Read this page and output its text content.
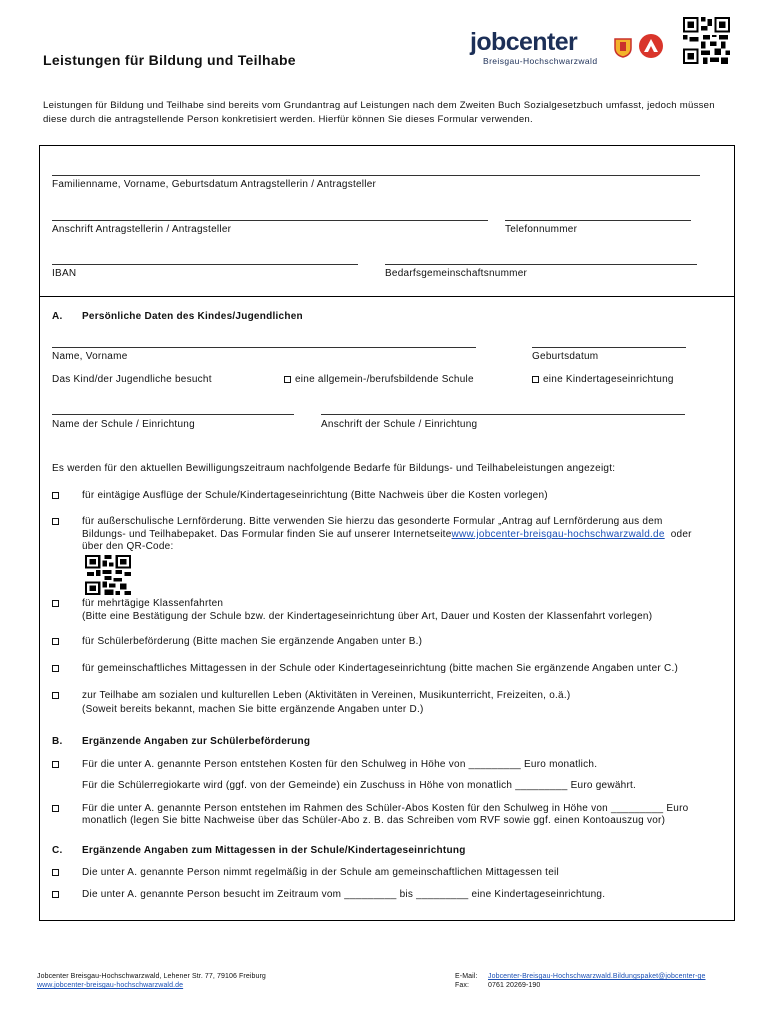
Leistungen für Bildung und Teilhabe
jobcenter
Breisgau-Hochschwarzwald
Leistungen für Bildung und Teilhabe sind bereits vom Grundantrag auf Leistungen nach dem Zweiten Buch Sozialgesetzbuch umfasst, jedoch müssen diese durch die antragstellende Person konkretisiert werden. Hierfür können Sie dieses Formular verwenden.
Familienname, Vorname, Geburtsdatum Antragstellerin / Antragsteller
Anschrift Antragstellerin / Antragsteller	Telefonnummer
IBAN	Bedarfsgemeinschaftsnummer
A. Persönliche Daten des Kindes/Jugendlichen
Name, Vorname	Geburtsdatum
Das Kind/der Jugendliche besucht	eine allgemein-/berufsbildende Schule	eine Kindertageseinrichtung
Name der Schule / Einrichtung	Anschrift der Schule / Einrichtung
Es werden für den aktuellen Bewilligungszeitraum nachfolgende Bedarfe für Bildungs- und Teilhabeleistungen angezeigt:
für eintägige Ausflüge der Schule/Kindertageseinrichtung (Bitte Nachweis über die Kosten vorlegen)
für außerschulische Lernförderung. Bitte verwenden Sie hierzu das gesonderte Formular „Antrag auf Lernförderung aus dem
Bildungs- und Teilhabepaket. Das Formular finden Sie auf unserer Internetseitewww.jobcenter-breisgau-hochschwarzwald.de oder
über den QR-Code:
für mehrtägige Klassenfahrten
(Bitte eine Bestätigung der Schule bzw. der Kindertageseinrichtung über Art, Dauer und Kosten der Klassenfahrt vorlegen)
für Schülerbeförderung (Bitte machen Sie ergänzende Angaben unter B.)
für gemeinschaftliches Mittagessen in der Schule oder Kindertageseinrichtung (bitte machen Sie ergänzende Angaben unter C.)
zur Teilhabe am sozialen und kulturellen Leben (Aktivitäten in Vereinen, Musikunterricht, Freizeiten, o.ä.)
(Soweit bereits bekannt, machen Sie bitte ergänzende Angaben unter D.)
B. Ergänzende Angaben zur Schülerbeförderung
Für die unter A. genannte Person entstehen Kosten für den Schulweg in Höhe von _________ Euro monatlich.
Für die Schülerregiokarte wird (ggf. von der Gemeinde) ein Zuschuss in Höhe von monatlich _________ Euro gewährt.
Für die unter A. genannte Person entstehen im Rahmen des Schüler-Abos Kosten für den Schulweg in Höhe von _________ Euro
monatlich (legen Sie bitte Nachweise über das Schüler-Abo z. B. das Schreiben vom RVF sowie ggf. einen Kontoauszug vor)
C. Ergänzende Angaben zum Mittagessen in der Schule/Kindertageseinrichtung
Die unter A. genannte Person nimmt regelmäßig in der Schule am gemeinschaftlichen Mittagessen teil
Die unter A. genannte Person besucht im Zeitraum vom _________ bis _________ eine Kindertageseinrichtung.
Jobcenter Breisgau-Hochschwarzwald, Lehener Str. 77, 79106 Freiburg
www.jobcenter-breisgau-hochschwarzwald.de
E-Mail: Jobcenter-Breisgau-Hochschwarzwald.Bildungspaket@jobcenter-ge
Fax:	0761 20269-190
